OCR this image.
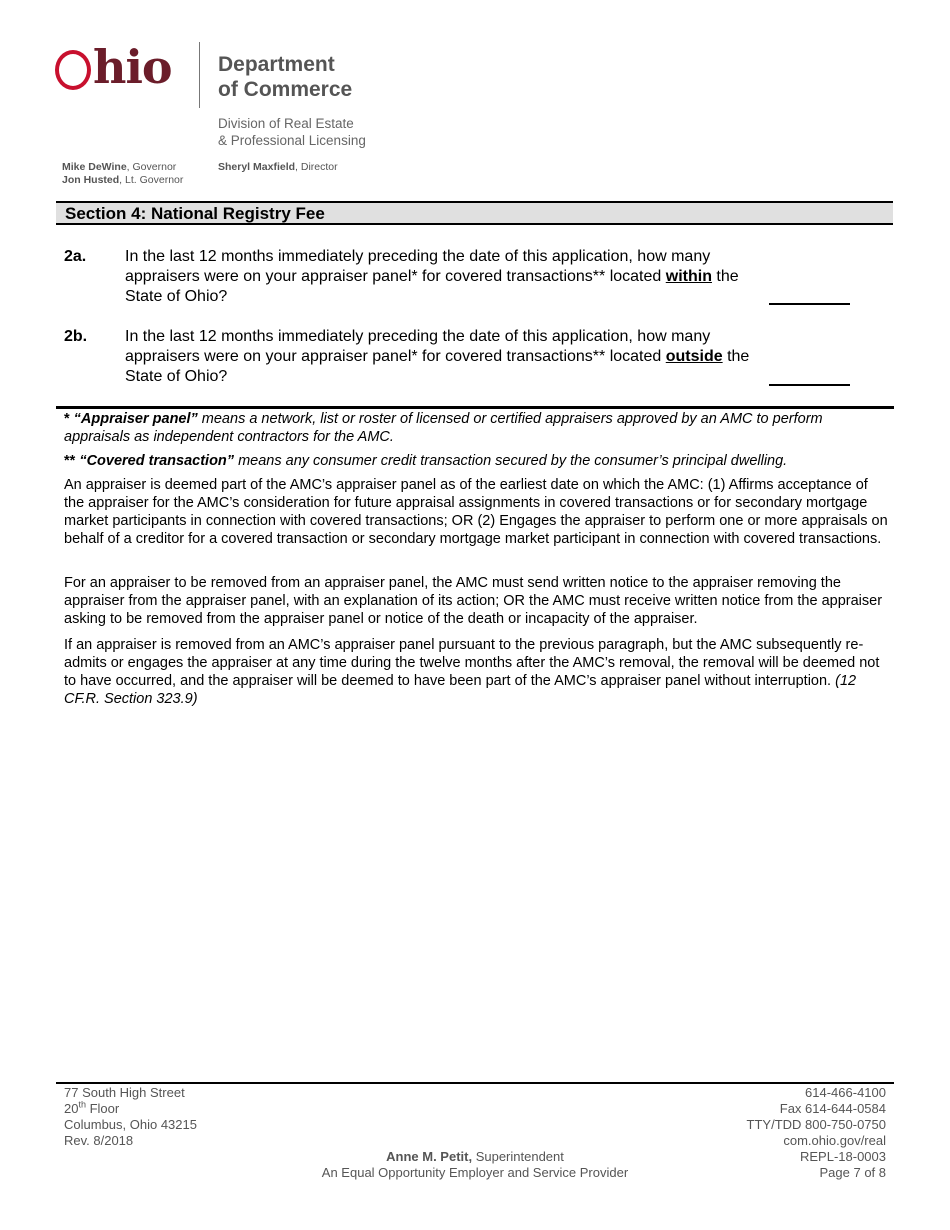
hio Department
of Commerce
Division of Real Estate
& Professional Licensing
Mike DeWine, Governor
Jon Husted, Lt. Governor
Sheryl Maxfield, Director
Section 4: National Registry Fee
2a. In the last 12 months immediately preceding the date of this application, how many appraisers were on your appraiser panel* for covered transactions** located within the State of Ohio?
2b. In the last 12 months immediately preceding the date of this application, how many appraisers were on your appraiser panel* for covered transactions** located outside the State of Ohio?
* “Appraiser panel” means a network, list or roster of licensed or certified appraisers approved by an AMC to perform appraisals as independent contractors for the AMC.
** “Covered transaction” means any consumer credit transaction secured by the consumer’s principal dwelling.
An appraiser is deemed part of the AMC’s appraiser panel as of the earliest date on which the AMC: (1) Affirms acceptance of the appraiser for the AMC’s consideration for future appraisal assignments in covered transactions or for secondary mortgage market participants in connection with covered transactions; OR (2) Engages the appraiser to perform one or more appraisals on behalf of a creditor for a covered transaction or secondary mortgage market participant in connection with covered transactions.
For an appraiser to be removed from an appraiser panel, the AMC must send written notice to the appraiser removing the appraiser from the appraiser panel, with an explanation of its action; OR the AMC must receive written notice from the appraiser asking to be removed from the appraiser panel or notice of the death or incapacity of the appraiser.
If an appraiser is removed from an AMC’s appraiser panel pursuant to the previous paragraph, but the AMC subsequently re-admits or engages the appraiser at any time during the twelve months after the AMC’s removal, the removal will be deemed not to have occurred, and the appraiser will be deemed to have been part of the AMC’s appraiser panel without interruption. (12 CF.R. Section 323.9)
77 South High Street
20th Floor
Columbus, Ohio 43215
Rev. 8/2018
Anne M. Petit, Superintendent
An Equal Opportunity Employer and Service Provider
614-466-4100
Fax 614-644-0584
TTY/TDD 800-750-0750
com.ohio.gov/real
REPL-18-0003
Page 7 of 8
